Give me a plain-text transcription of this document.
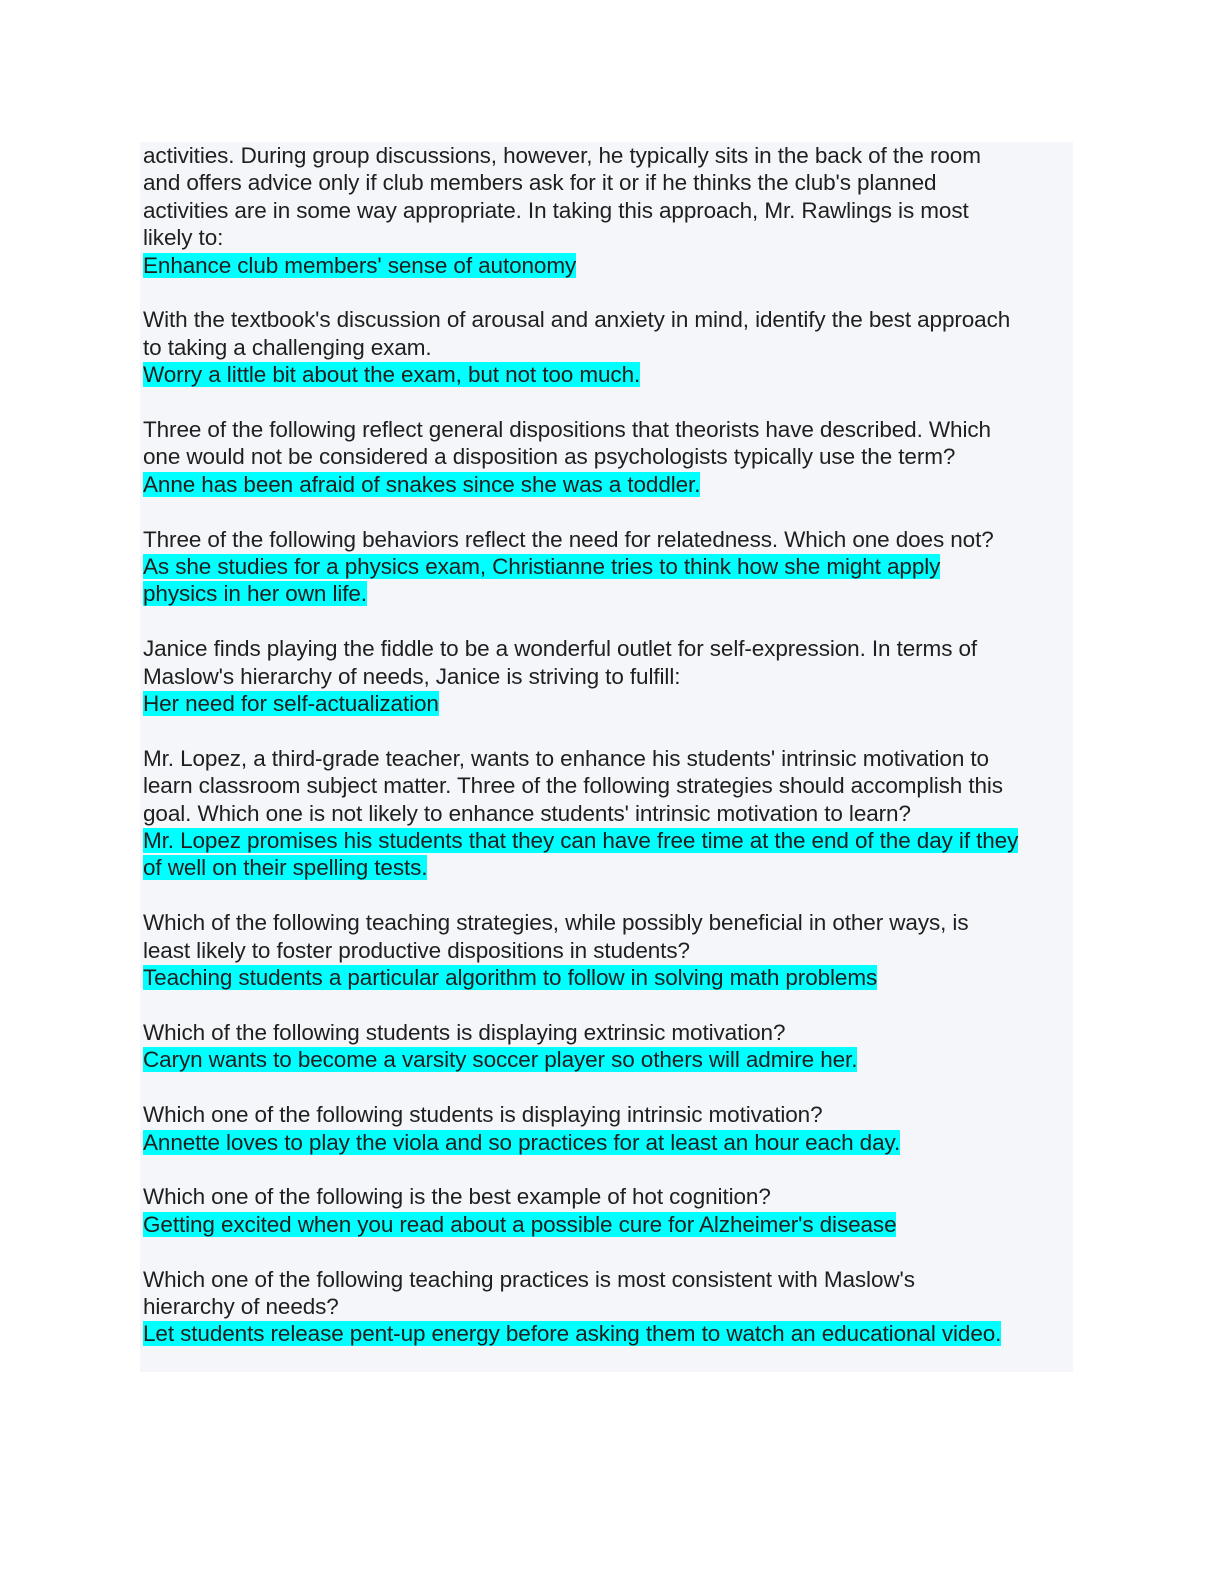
activities. During group discussions, however, he typically sits in the back of the room
and offers advice only if club members ask for it or if he thinks the club's planned
activities are in some way appropriate. In taking this approach, Mr. Rawlings is most
likely to:
Enhance club members' sense of autonomy
With the textbook's discussion of arousal and anxiety in mind, identify the best approach
to taking a challenging exam.
Worry a little bit about the exam, but not too much.
Three of the following reflect general dispositions that theorists have described. Which
one would not be considered a disposition as psychologists typically use the term?
Anne has been afraid of snakes since she was a toddler.
Three of the following behaviors reflect the need for relatedness. Which one does not?
As she studies for a physics exam, Christianne tries to think how she might apply physics in her own life.
Janice finds playing the fiddle to be a wonderful outlet for self-expression. In terms of
Maslow's hierarchy of needs, Janice is striving to fulfill:
Her need for self-actualization
Mr. Lopez, a third-grade teacher, wants to enhance his students' intrinsic motivation to
learn classroom subject matter. Three of the following strategies should accomplish this
goal. Which one is not likely to enhance students' intrinsic motivation to learn?
Mr. Lopez promises his students that they can have free time at the end of the day if they of well on their spelling tests.
Which of the following teaching strategies, while possibly beneficial in other ways, is
least likely to foster productive dispositions in students?
Teaching students a particular algorithm to follow in solving math problems
Which of the following students is displaying extrinsic motivation?
Caryn wants to become a varsity soccer player so others will admire her.
Which one of the following students is displaying intrinsic motivation?
Annette loves to play the viola and so practices for at least an hour each day.
Which one of the following is the best example of hot cognition?
Getting excited when you read about a possible cure for Alzheimer's disease
Which one of the following teaching practices is most consistent with Maslow's
hierarchy of needs?
Let students release pent-up energy before asking them to watch an educational video.
